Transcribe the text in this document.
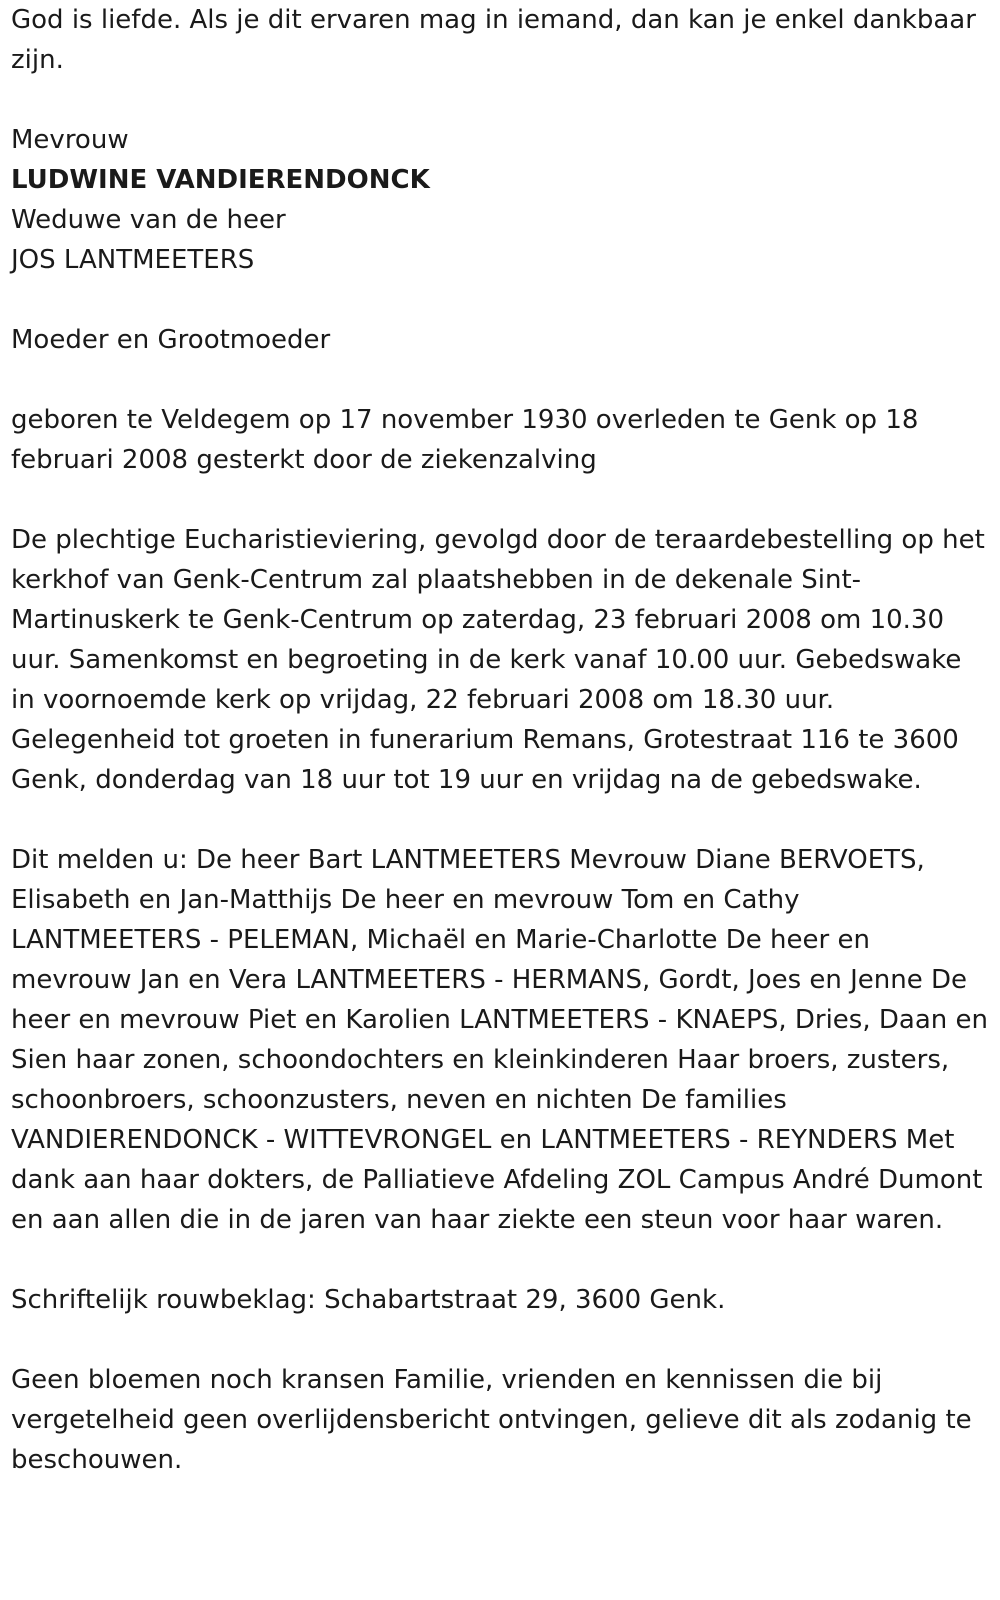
God is liefde. Als je dit ervaren mag in iemand, dan kan je enkel dankbaar zijn.

Mevrouw

LUDWINE VANDIERENDONCK

Weduwe van de heer

JOS LANTMEETERS

Moeder en Grootmoeder

geboren te Veldegem op 17 november 1930 overleden te Genk op 18 februari 2008 gesterkt door de ziekenzalving

De plechtige Eucharistieviering, gevolgd door de teraardebestelling op het kerkhof van Genk-Centrum zal plaatshebben in de dekenale Sint-Martinuskerk te Genk-Centrum op zaterdag, 23 februari 2008 om 10.30 uur. Samenkomst en begroeting in de kerk vanaf 10.00 uur. Gebedswake in voornoemde kerk op vrijdag, 22 februari 2008 om 18.30 uur. Gelegenheid tot groeten in funerarium Remans, Grotestraat 116 te 3600 Genk, donderdag van 18 uur tot 19 uur en vrijdag na de gebedswake.

Dit melden u: De heer Bart LANTMEETERS Mevrouw Diane BERVOETS, Elisabeth en Jan-Matthijs De heer en mevrouw Tom en Cathy LANTMEETERS - PELEMAN, Michaël en Marie-Charlotte De heer en mevrouw Jan en Vera LANTMEETERS - HERMANS, Gordt, Joes en Jenne De heer en mevrouw Piet en Karolien LANTMEETERS - KNAEPS, Dries, Daan en Sien haar zonen, schoondochters en kleinkinderen Haar broers, zusters, schoonbroers, schoonzusters, neven en nichten De families VANDIERENDONCK - WITTEVRONGEL en LANTMEETERS - REYNDERS Met dank aan haar dokters, de Palliatieve Afdeling ZOL Campus André Dumont en aan allen die in de jaren van haar ziekte een steun voor haar waren.

Schriftelijk rouwbeklag: Schabartstraat 29, 3600 Genk.

Geen bloemen noch kransen Familie, vrienden en kennissen die bij vergetelheid geen overlijdensbericht ontvingen, gelieve dit als zodanig te beschouwen.
